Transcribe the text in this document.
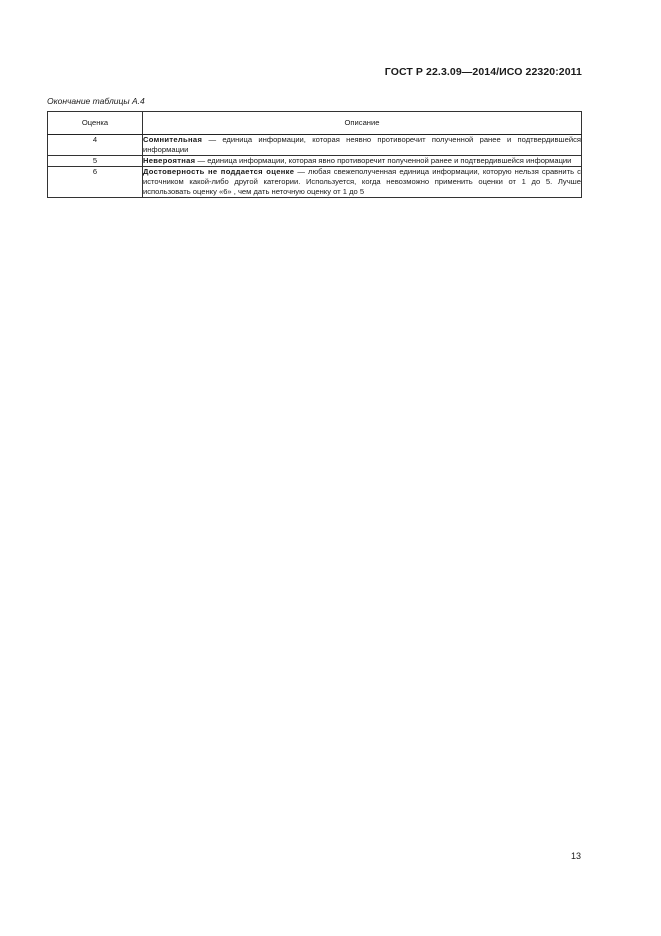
ГОСТ Р 22.3.09—2014/ИСО 22320:2011
Окончание таблицы А.4
Оценка	Описание
4	Сомнительная — единица информации, которая неявно противоречит полученной ранее и подтвердившейся информации
5	Невероятная — единица информации, которая явно противоречит полученной ранее и подтвердившейся информации
6	Достоверность не поддается оценке — любая свежеполученная единица информации, которую нельзя сравнить с источником какой-либо другой категории. Используется, когда невозможно применить оценки от 1 до 5. Лучше использовать оценку «6» , чем дать неточную оценку от 1 до 5
13
